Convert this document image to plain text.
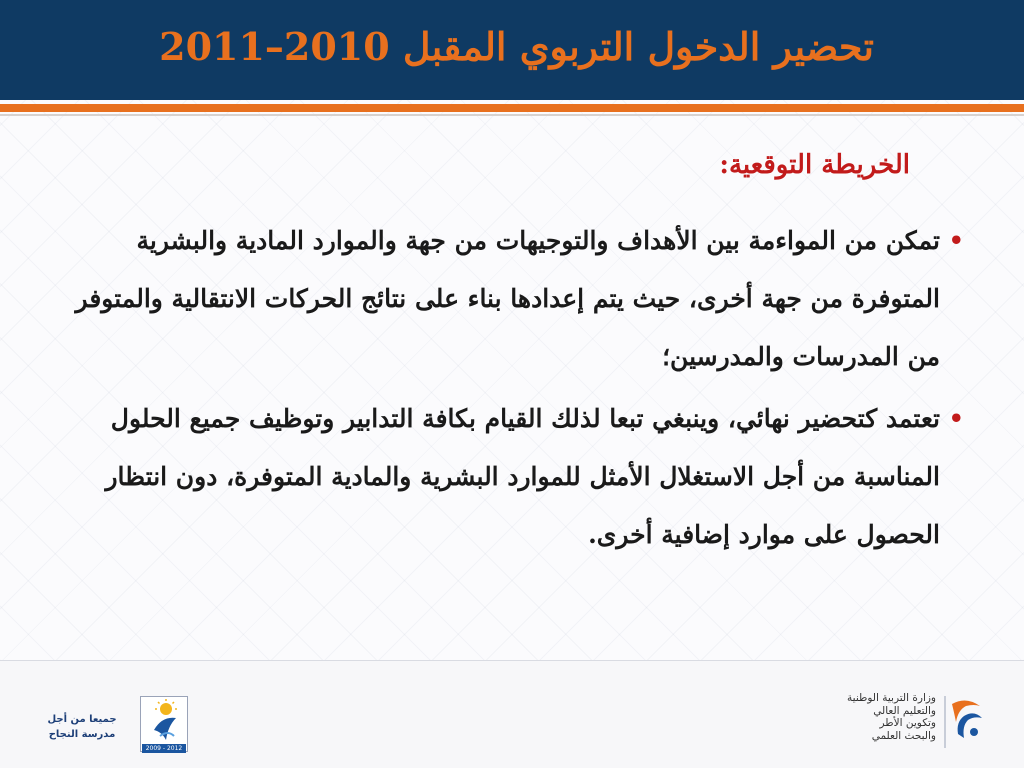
تحضير الدخول التربوي المقبل 2010–2011
الخريطة التوقعية:
•
تمكن من المواءمة بين الأهداف والتوجيهات من جهة والموارد المادية والبشرية المتوفرة من جهة أخرى، حيث يتم إعدادها بناء على نتائج الحركات الانتقالية والمتوفر من المدرسات والمدرسين؛
•
تعتمد كتحضير نهائي، وينبغي تبعا لذلك القيام بكافة التدابير وتوظيف جميع الحلول المناسبة من أجل الاستغلال الأمثل للموارد البشرية والمادية المتوفرة، دون انتظار الحصول على موارد إضافية أخرى.
جميعا من أجل
مدرسة النجاح
2009 - 2012
وزارة التربية الوطنية
والتعليم العالي
وتكوين الأطر
والبحث العلمي
